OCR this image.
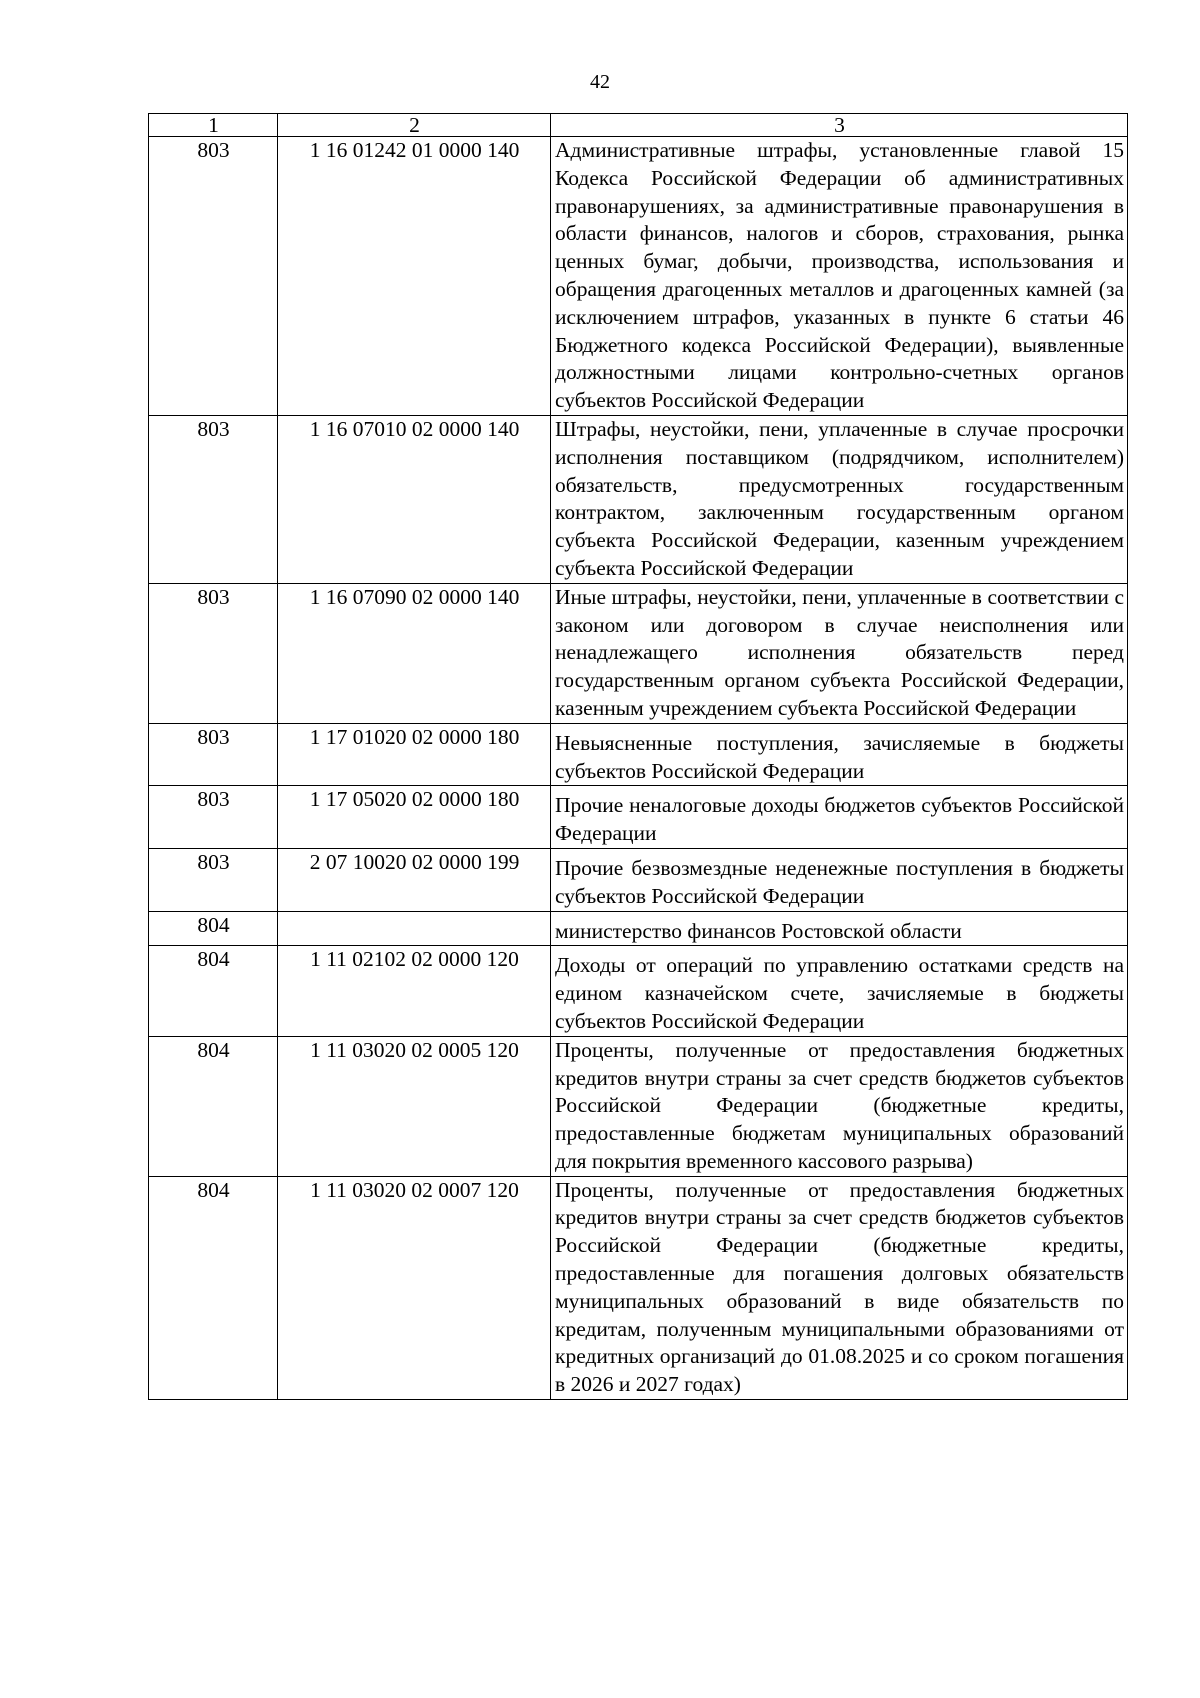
42
1	2	3
803	1 16 01242 01 0000 140	Административные штрафы, установленные главой 15 Кодекса Российской Федерации об административных правонарушениях, за административные правонарушения в области финансов, налогов и сборов, страхования, рынка ценных бумаг, добычи, производства, использования и обращения драгоценных металлов и драгоценных камней (за исключением штрафов, указанных в пункте 6 статьи 46 Бюджетного кодекса Российской Федерации), выявленные должностными лицами контрольно-счетных органов субъектов Российской Федерации
803	1 16 07010 02 0000 140	Штрафы, неустойки, пени, уплаченные в случае просрочки исполнения поставщиком (подрядчиком, исполнителем) обязательств, предусмотренных государственным контрактом, заключенным государственным органом субъекта Российской Федерации, казенным учреждением субъекта Российской Федерации
803	1 16 07090 02 0000 140	Иные штрафы, неустойки, пени, уплаченные в соответствии с законом или договором в случае неисполнения или ненадлежащего исполнения обязательств перед государственным органом субъекта Российской Федерации, казенным учреждением субъекта Российской Федерации
803	1 17 01020 02 0000 180	Невыясненные поступления, зачисляемые в бюджеты субъектов Российской Федерации
803	1 17 05020 02 0000 180	Прочие неналоговые доходы бюджетов субъектов Российской Федерации
803	2 07 10020 02 0000 199	Прочие безвозмездные неденежные поступления в бюджеты субъектов Российской Федерации
804		министерство финансов Ростовской области
804	1 11 02102 02 0000 120	Доходы от операций по управлению остатками средств на едином казначейском счете, зачисляемые в бюджеты субъектов Российской Федерации
804	1 11 03020 02 0005 120	Проценты, полученные от предоставления бюджетных кредитов внутри страны за счет средств бюджетов субъектов Российской Федерации (бюджетные кредиты, предоставленные бюджетам муниципальных образований для покрытия временного кассового разрыва)
804	1 11 03020 02 0007 120	Проценты, полученные от предоставления бюджетных кредитов внутри страны за счет средств бюджетов субъектов Российской Федерации (бюджетные кредиты, предоставленные для погашения долговых обязательств муниципальных образований в виде обязательств по кредитам, полученным муниципальными образованиями от кредитных организаций до 01.08.2025 и со сроком погашения в 2026 и 2027 годах)
